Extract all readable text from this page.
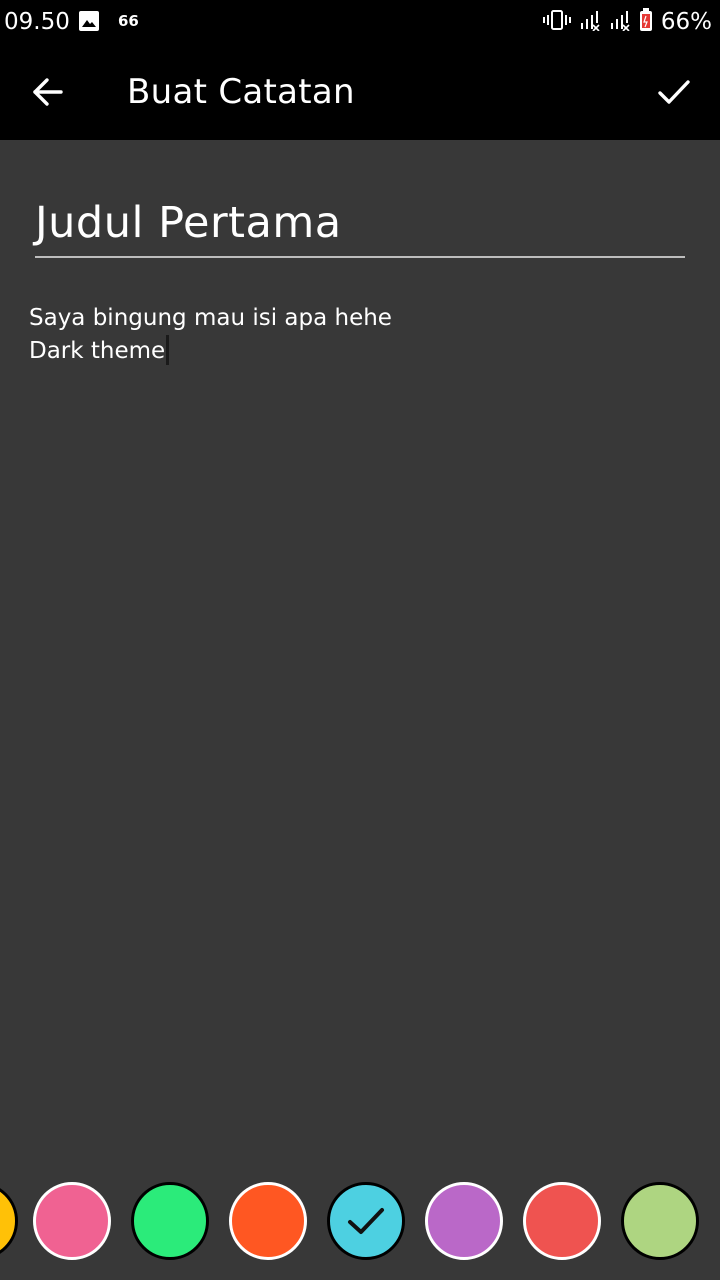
09.50	66	66%
Buat Catatan
Judul Pertama
Saya bingung mau isi apa hehe
Dark theme
